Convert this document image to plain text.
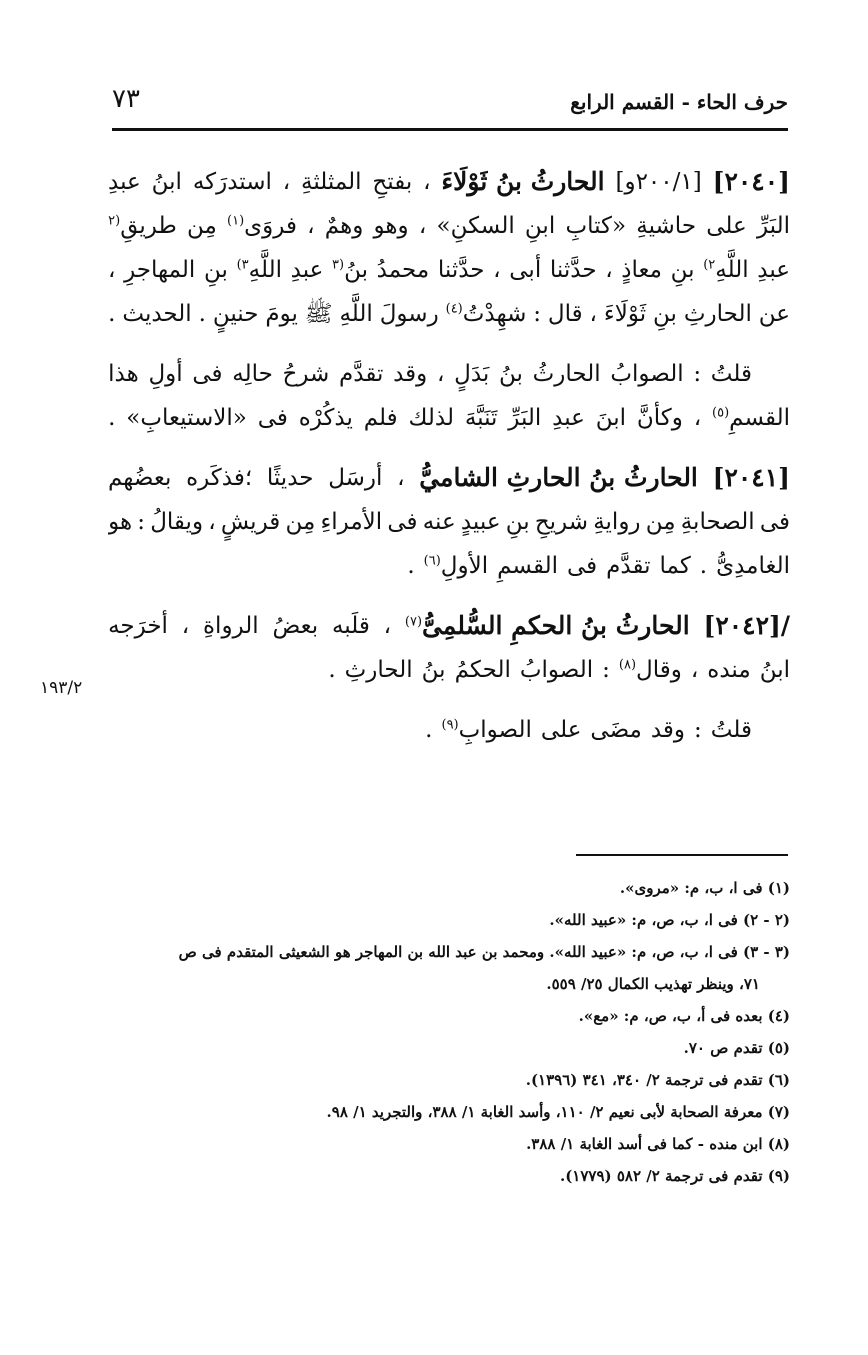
حرف الحاء - القسم الرابع
٧٣
١٩٣/٢
[٢٠٤٠]
[٢٠٠/١و]
الحارثُ بنُ ثَوْلَاءَ
،
بفتحِ
المثلثةِ
،
استدرَكه
ابنُ
عبدِ
البَرِّ
على
حاشيةِ
«كتابِ
ابنِ
السكنِ»
،
وهو
وهمٌ
،
فروَى$^{(١)}$
مِن
طريقِ$^{(٢}$
عبدِ
اللَّهِ$^{٢)}$
بنِ
معاذٍ
،
حدَّثنا
أبى
،
حدَّثنا
محمدُ
بنُ$^{(٣}$
عبدِ
اللَّهِ$^{٣)}$
بنِ
المهاجرِ
،
عن
الحارثِ
بنِ
ثَوْلَاءَ
،
قال
:
شهِدْتُ$^{(٤)}$
رسولَ
اللَّهِ
ﷺ
يومَ
حنينٍ
.
الحديث
.
قلتُ
:
الصوابُ
الحارثُ
بنُ
بَدَلٍ
،
وقد
تقدَّم
شرحُ
حالِه
فى
أولِ
هذا
القسمِ$^{(٥)}$
،
وكأنَّ
ابنَ
عبدِ
البَرِّ
تَنَبَّهَ
لذلك
فلم
يذكُرْه
فى
«الاستيعابِ»
.
[٢٠٤١]
الحارثُ بنُ الحارثِ الشاميُّ
،
أرسَل
حديثًا
؛فذكَره
بعضُهم
فى
الصحابةِ
مِن
روايةِ
شريحِ
بنِ
عبيدٍ
عنه
فى
الأمراءِ
مِن
قريشٍ
،
ويقالُ
:
هو
الغامدِىُّ
.
كما
تقدَّم
فى
القسمِ
الأولِ$^{(٦)}$
.
/[٢٠٤٢]
الحارثُ بنُ الحكمِ السُّلمِىُّ$^{(٧)}$
،
قلَبه
بعضُ
الرواةِ
،
أخرَجه
ابنُ
منده
،
وقال$^{(٨)}$
:
الصوابُ
الحكمُ
بنُ
الحارثِ
.
قلتُ
:
وقد
مضَى
على
الصوابِ$^{(٩)}$
.
(١) فى ا، ب، م: «مروى».
(٢ - ٢) فى ا، ب، ص، م: «عبيد الله».
(٣ - ٣) فى ا، ب، ص، م: «عبيد الله». ومحمد بن عبد الله بن المهاجر هو الشعيثى المتقدم فى ص
٧١، وينظر تهذيب الكمال ٢٥/ ٥٥٩.
(٤) بعده فى أ، ب، ص، م: «مع».
(٥) تقدم ص ٧٠.
(٦) تقدم فى ترجمة ٢/ ٣٤٠، ٣٤١ (١٣٩٦).
(٧) معرفة الصحابة لأبى نعيم ٢/ ١١٠، وأسد الغابة ١/ ٣٨٨، والتجريد ١/ ٩٨.
(٨) ابن منده - كما فى أسد الغابة ١/ ٣٨٨.
(٩) تقدم فى ترجمة ٢/ ٥٨٢ (١٧٧٩).
